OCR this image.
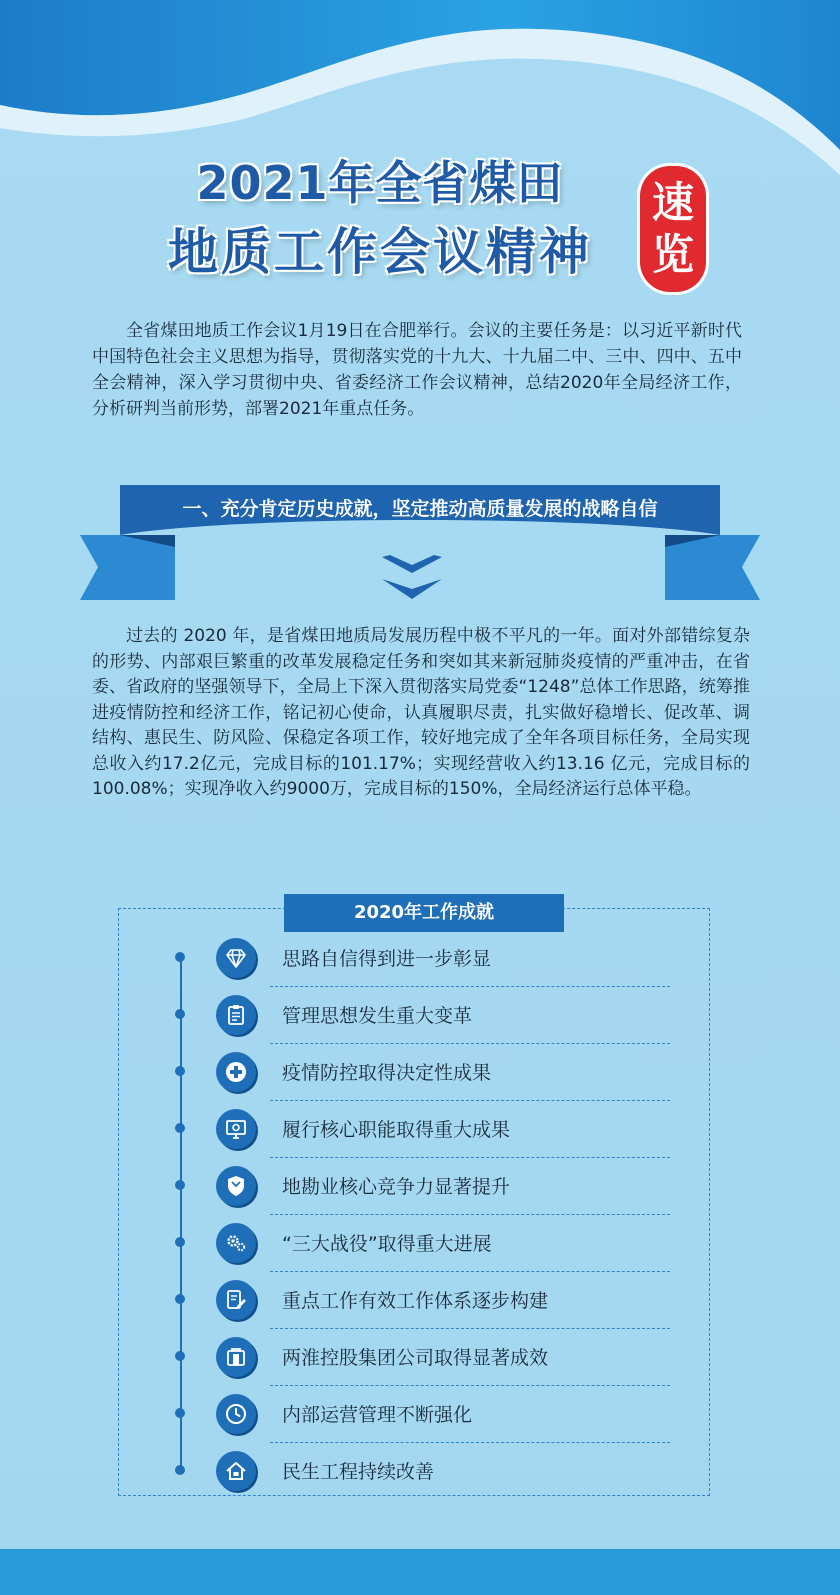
2021年全省煤田
地质工作会议精神
速
览

全省煤田地质工作会议1月19日在合肥举行。会议的主要任务是：以习近平新时代中国特色社会主义思想为指导，贯彻落实党的十九大、十九届二中、三中、四中、五中全会精神，深入学习贯彻中央、省委经济工作会议精神，总结2020年全局经济工作，分析研判当前形势，部署2021年重点任务。

一、充分肯定历史成就，坚定推动高质量发展的战略自信

过去的 2020 年，是省煤田地质局发展历程中极不平凡的一年。面对外部错综复杂的形势、内部艰巨繁重的改革发展稳定任务和突如其来新冠肺炎疫情的严重冲击，在省委、省政府的坚强领导下，全局上下深入贯彻落实局党委“1248”总体工作思路，统筹推进疫情防控和经济工作，铭记初心使命，认真履职尽责，扎实做好稳增长、促改革、调结构、惠民生、防风险、保稳定各项工作，较好地完成了全年各项目标任务，全局实现总收入约17.2亿元，完成目标的101.17%；实现经营收入约13.16 亿元，完成目标的100.08%；实现净收入约9000万，完成目标的150%，全局经济运行总体平稳。

2020年工作成就
思路自信得到进一步彰显
管理思想发生重大变革
疫情防控取得决定性成果
履行核心职能取得重大成果
地勘业核心竞争力显著提升
“三大战役”取得重大进展
重点工作有效工作体系逐步构建
两淮控股集团公司取得显著成效
内部运营管理不断强化
民生工程持续改善
